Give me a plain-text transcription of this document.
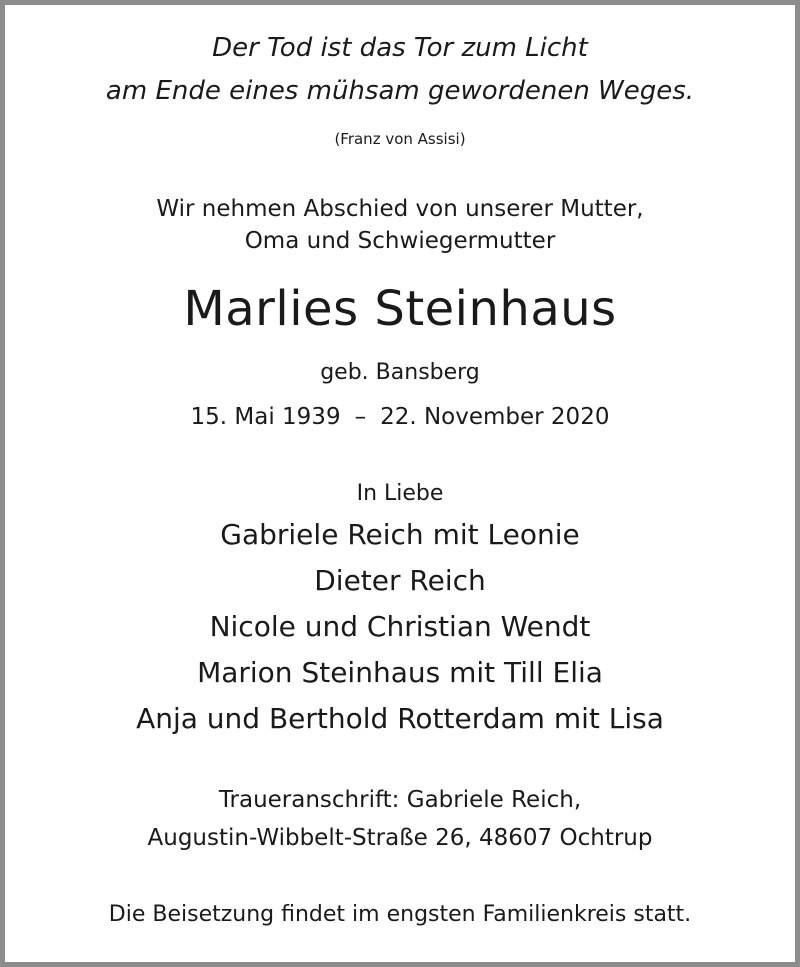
Der Tod ist das Tor zum Licht
am Ende eines mühsam gewordenen Weges.
(Franz von Assisi)
Wir nehmen Abschied von unserer Mutter,
Oma und Schwiegermutter
Marlies Steinhaus
geb. Bansberg
15. Mai 1939 – 22. November 2020
In Liebe
Gabriele Reich mit Leonie
Dieter Reich
Nicole und Christian Wendt
Marion Steinhaus mit Till Elia
Anja und Berthold Rotterdam mit Lisa
Traueranschrift: Gabriele Reich,
Augustin-Wibbelt-Straße 26, 48607 Ochtrup
Die Beisetzung findet im engsten Familienkreis statt.
